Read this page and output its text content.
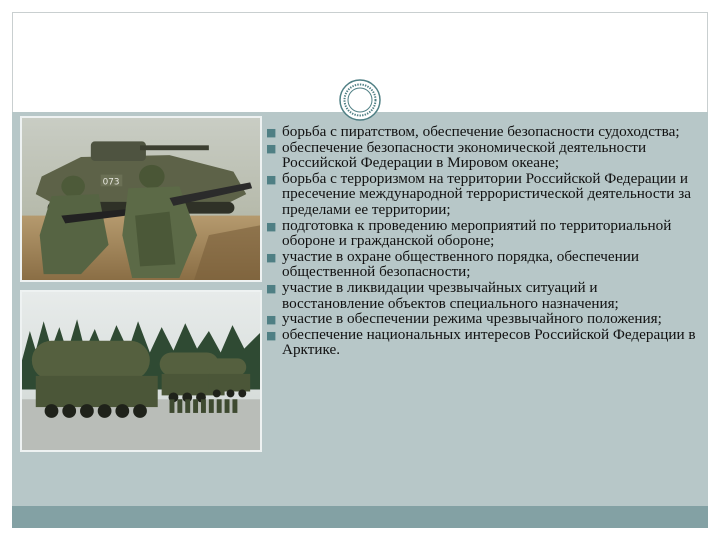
073
■ борьба с пиратством, обеспечение безопасности судоходства;
■ обеспечение безопасности экономической деятельности Российской Федерации в Мировом океане;
■ борьба с терроризмом на территории Российской Федерации и пресечение международной террористической деятельности за пределами ее территории;
■ подготовка к проведению мероприятий по территориальной обороне и гражданской обороне;
■ участие в охране общественного порядка, обеспечении общественной безопасности;
■ участие в ликвидации чрезвычайных ситуаций и восстановление объектов специального назначения;
■ участие в обеспечении режима чрезвычайного положения;
■ обеспечение национальных интересов Российской Федерации в Арктике.
